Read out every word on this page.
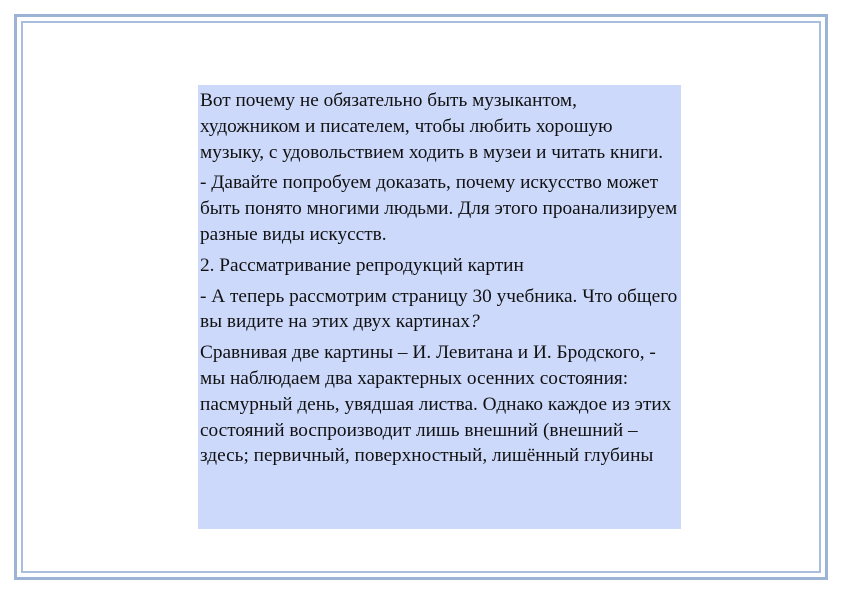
Вот почему не обязательно быть музыкантом, художником и писателем, чтобы любить хорошую музыку, с удовольствием ходить в музеи и читать книги.

- Давайте попробуем доказать, почему искусство может быть понято многими людьми. Для этого проанализируем разные виды искусств.

2. Рассматривание репродукций картин

- А теперь рассмотрим страницу 30 учебника. Что общего вы видите на этих двух картинах?

Сравнивая две картины – И. Левитана и И. Бродского, - мы наблюдаем два характерных осенних состояния: пасмурный день, увядшая листва. Однако каждое из этих состояний воспроизводит лишь внешний (внешний – здесь; первичный, поверхностный, лишённый глубины
